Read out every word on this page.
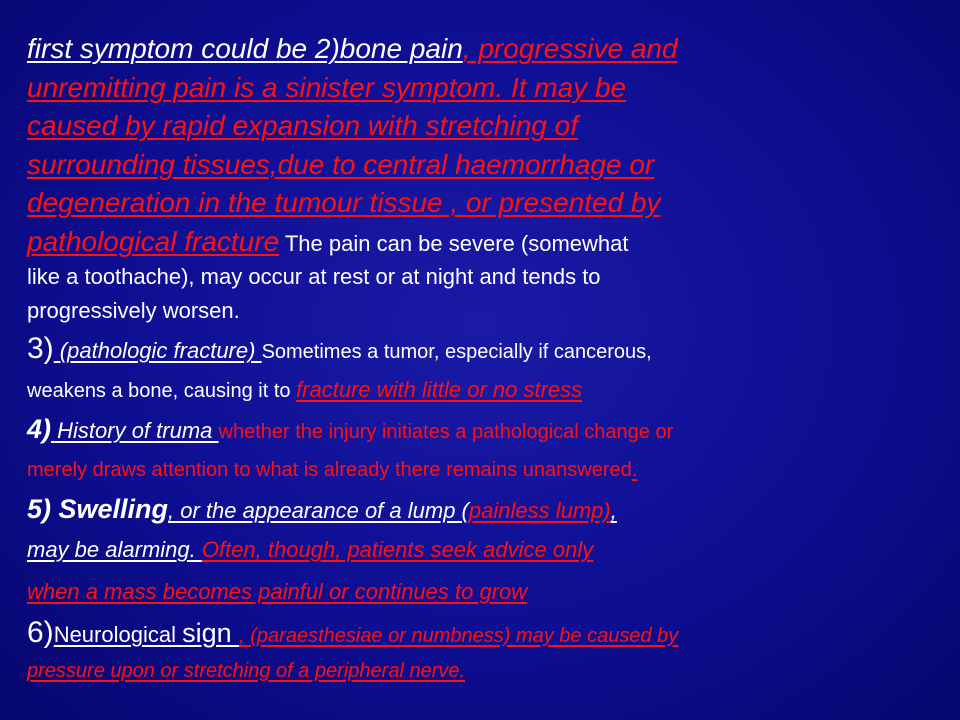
first symptom could be 2)bone pain, progressive and
unremitting pain is a sinister symptom. It may be
caused by rapid expansion with stretching of
surrounding tissues,due to central haemorrhage or
degeneration in the tumour tissue , or presented by
pathological fracture The pain can be severe (somewhat
like a toothache), may occur at rest or at night and tends to
progressively worsen.
3) (pathologic fracture) Sometimes a tumor, especially if cancerous,
weakens a bone, causing it to fracture with little or no stress
4) History of truma whether the injury initiates a pathological change or
merely draws attention to what is already there remains unanswered.
5) Swelling, or the appearance of a lump (painless lump),
may be alarming. Often, though, patients seek advice only
when a mass becomes painful or continues to grow
6)Neurological sign , (paraesthesiae or numbness) may be caused by
pressure upon or stretching of a peripheral nerve.
